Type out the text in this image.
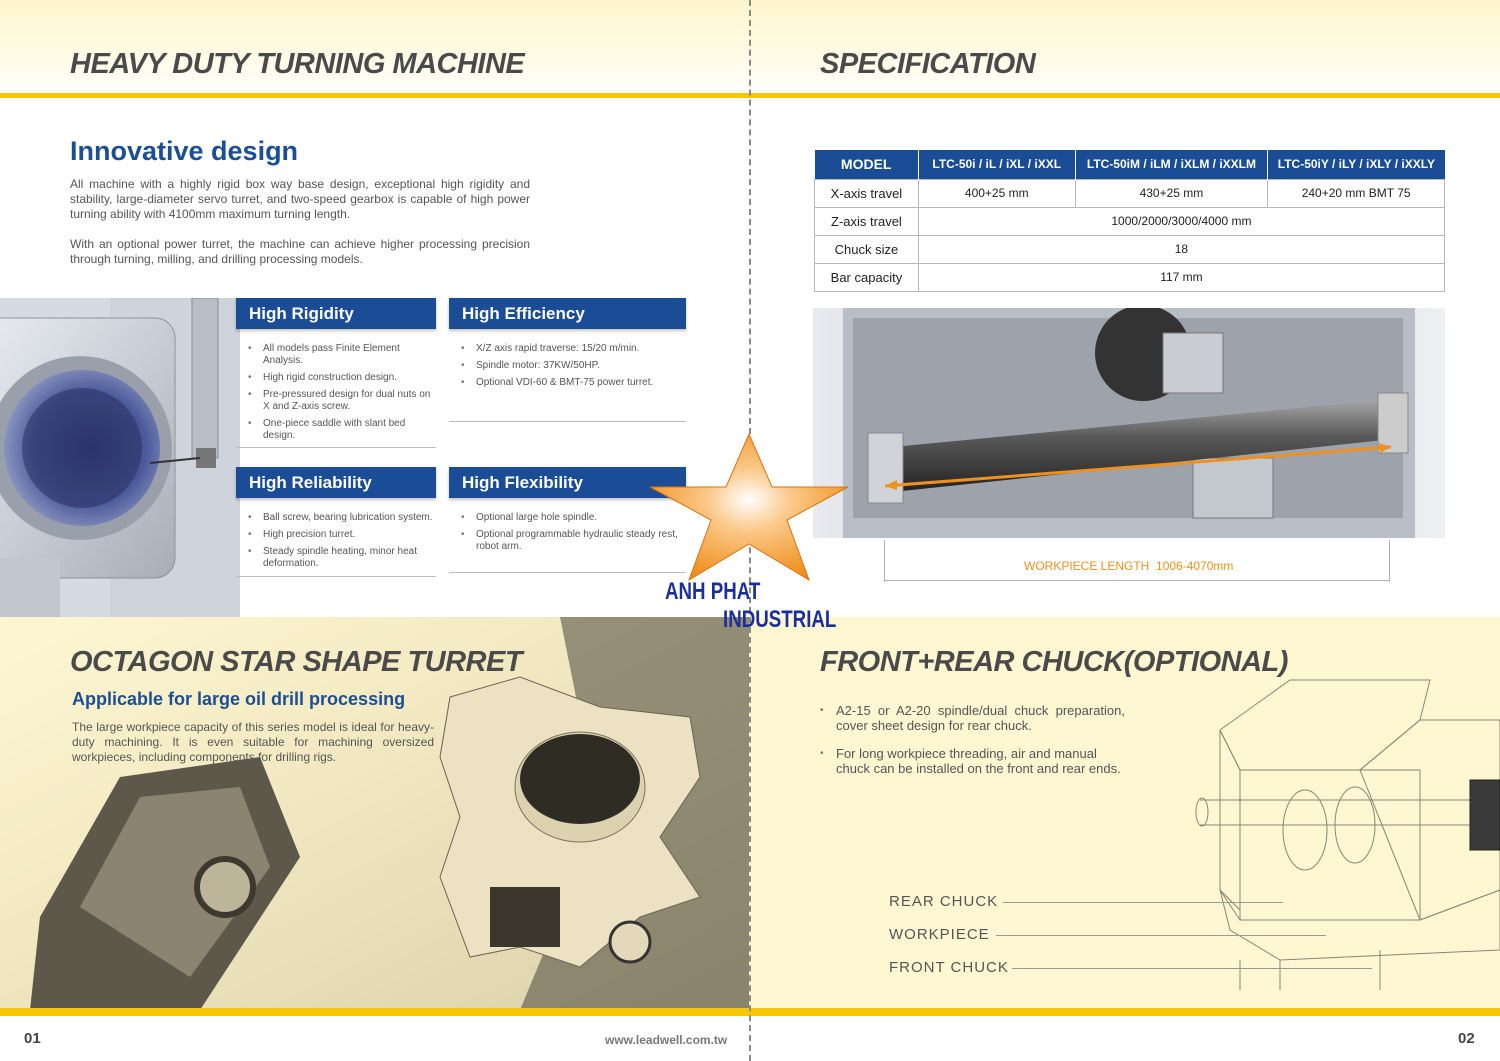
HEAVY DUTY TURNING MACHINE	SPECIFICATION
Innovative design
All machine with a highly rigid box way base design, exceptional high rigidity and stability, large-diameter servo turret, and two-speed gearbox is capable of high power turning ability with 4100mm maximum turning length.
With an optional power turret, the machine can achieve higher processing precision through turning, milling, and drilling processing models.
High Rigidity
• All models pass Finite Element Analysis.
• High rigid construction design.
• Pre-pressured design for dual nuts on X and Z-axis screw.
• One-piece saddle with slant bed design.
High Efficiency
• X/Z axis rapid traverse: 15/20 m/min.
• Spindle motor: 37KW/50HP.
• Optional VDI-60 & BMT-75 power turret.
High Reliability
• Ball screw, bearing lubrication system.
• High precision turret.
• Steady spindle heating, minor heat deformation.
High Flexibility
• Optional large hole spindle.
• Optional programmable hydraulic steady rest, robot arm.
MODEL	LTC-50i / iL / iXL / iXXL	LTC-50iM / iLM / iXLM / iXXLM	LTC-50iY / iLY / iXLY / iXXLY
X-axis travel	400+25 mm	430+25 mm	240+20 mm BMT 75
Z-axis travel	1000/2000/3000/4000 mm		
Chuck size	18		
Bar capacity	117 mm		
WORKPIECE LENGTH  1006-4070mm
OCTAGON STAR SHAPE TURRET
Applicable for large oil drill processing
The large workpiece capacity of this series model is ideal for heavy-duty machining. It is even suitable for machining oversized workpieces, including components for drilling rigs.
FRONT+REAR CHUCK(OPTIONAL)
• A2-15 or A2-20 spindle/dual chuck preparation, cover sheet design for rear chuck.
• For long workpiece threading, air and manual chuck can be installed on the front and rear ends.
REAR CHUCK
WORKPIECE
FRONT CHUCK
ANH PHAT
INDUSTRIAL
01	www.leadwell.com.tw	02
